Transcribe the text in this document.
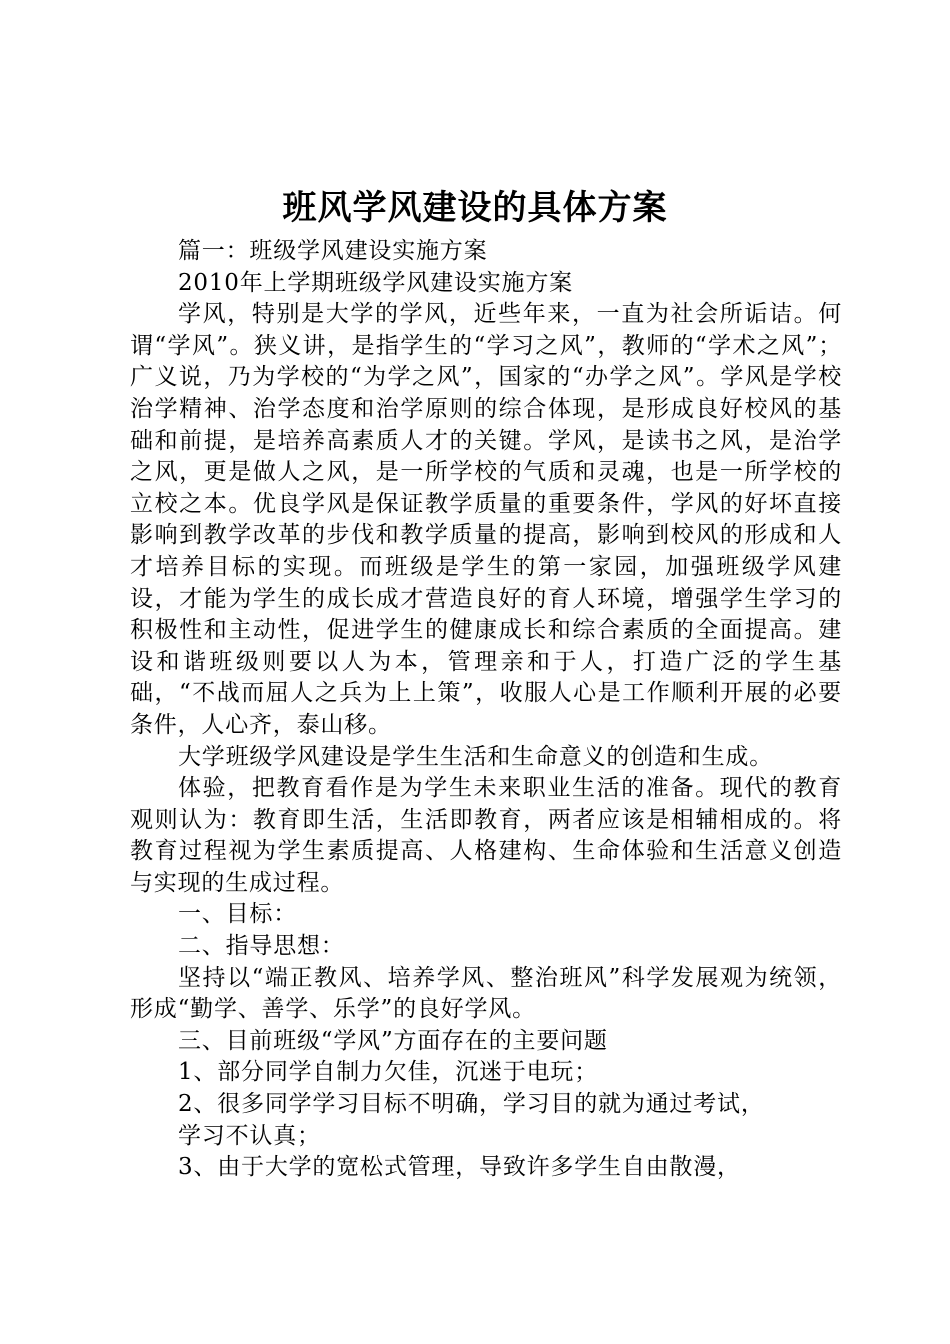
班风学风建设的具体方案

篇一：班级学风建设实施方案

2010年上学期班级学风建设实施方案

学风，特别是大学的学风，近些年来，一直为社会所诟诘。何谓“学风”。狭义讲，是指学生的“学习之风”，教师的“学术之风”；广义说，乃为学校的“为学之风”，国家的“办学之风”。学风是学校治学精神、治学态度和治学原则的综合体现，是形成良好校风的基础和前提，是培养高素质人才的关键。学风，是读书之风，是治学之风，更是做人之风，是一所学校的气质和灵魂，也是一所学校的立校之本。优良学风是保证教学质量的重要条件，学风的好坏直接影响到教学改革的步伐和教学质量的提高，影响到校风的形成和人才培养目标的实现。而班级是学生的第一家园，加强班级学风建设，才能为学生的成长成才营造良好的育人环境，增强学生学习的积极性和主动性，促进学生的健康成长和综合素质的全面提高。建设和谐班级则要以人为本，管理亲和于人，打造广泛的学生基础，“不战而屈人之兵为上上策”，收服人心是工作顺利开展的必要条件，人心齐，泰山移。

大学班级学风建设是学生生活和生命意义的创造和生成。

体验，把教育看作是为学生未来职业生活的准备。现代的教育观则认为：教育即生活，生活即教育，两者应该是相辅相成的。将教育过程视为学生素质提高、人格建构、生命体验和生活意义创造与实现的生成过程。

一、目标：

二、指导思想：

坚持以“端正教风、培养学风、整治班风”科学发展观为统领，形成“勤学、善学、乐学”的良好学风。

三、目前班级“学风”方面存在的主要问题

1、部分同学自制力欠佳，沉迷于电玩；

2、很多同学学习目标不明确，学习目的就为通过考试，

学习不认真；

3、由于大学的宽松式管理，导致许多学生自由散漫，
